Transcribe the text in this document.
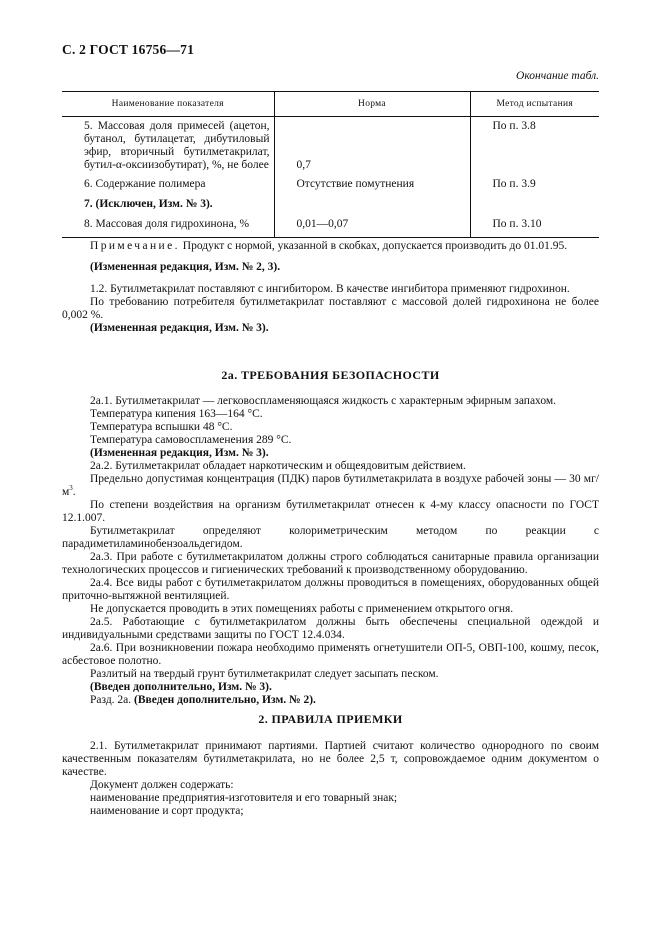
С. 2 ГОСТ 16756—71
Окончание табл.
Наименование показателя	Норма	Метод испытания
5. Массовая доля примесей (ацетон, бутанол, бутилацетат, дибутиловый эфир, вторичный бутилметакрилат, бутил-α-оксиизобутират), %, не более	0,7	По п. 3.8
6. Содержание полимера	Отсутствие помутнения	По п. 3.9
7. (Исключен, Изм. № 3).		
8. Массовая доля гидрохинона, %	0,01—0,07	По п. 3.10

Примечание. Продукт с нормой, указанной в скобках, допускается производить до 01.01.95.

(Измененная редакция, Изм. № 2, 3).

1.2. Бутилметакрилат поставляют с ингибитором. В качестве ингибитора применяют гидрохинон.

По требованию потребителя бутилметакрилат поставляют с массовой долей гидрохинона не более 0,002 %.

(Измененная редакция, Изм. № 3).

2а. ТРЕБОВАНИЯ БЕЗОПАСНОСТИ

2а.1. Бутилметакрилат — легковоспламеняющаяся жидкость с характерным эфирным запахом.

Температура кипения 163—164 °С.

Температура вспышки 48 °С.

Температура самовоспламенения 289 °С.

(Измененная редакция, Изм. № 3).

2а.2. Бутилметакрилат обладает наркотическим и общеядовитым действием.

Предельно допустимая концентрация (ПДК) паров бутилметакрилата в воздухе рабочей зоны — 30 $мг/м^3$.

По степени воздействия на организм бутилметакрилат отнесен к 4-му классу опасности по ГОСТ 12.1.007.

Бутилметакрилат определяют колориметрическим методом по реакции с парадиметиламинобензоальдегидом.

2а.3. При работе с бутилметакрилатом должны строго соблюдаться санитарные правила организации технологических процессов и гигиенических требований к производственному оборудованию.

2а.4. Все виды работ с бутилметакрилатом должны проводиться в помещениях, оборудованных общей приточно-вытяжной вентиляцией.

Не допускается проводить в этих помещениях работы с применением открытого огня.

2а.5. Работающие с бутилметакрилатом должны быть обеспечены специальной одеждой и индивидуальными средствами защиты по ГОСТ 12.4.034.

2а.6. При возникновении пожара необходимо применять огнетушители ОП-5, ОВП-100, кошму, песок, асбестовое полотно.

Разлитый на твердый грунт бутилметакрилат следует засыпать песком.

(Введен дополнительно, Изм. № 3).

Разд. 2а. (Введен дополнительно, Изм. № 2).

2. ПРАВИЛА ПРИЕМКИ

2.1. Бутилметакрилат принимают партиями. Партией считают количество однородного по своим качественным показателям бутилметакрилата, но не более 2,5 т, сопровождаемое одним документом о качестве.

Документ должен содержать:

наименование предприятия-изготовителя и его товарный знак;

наименование и сорт продукта;
